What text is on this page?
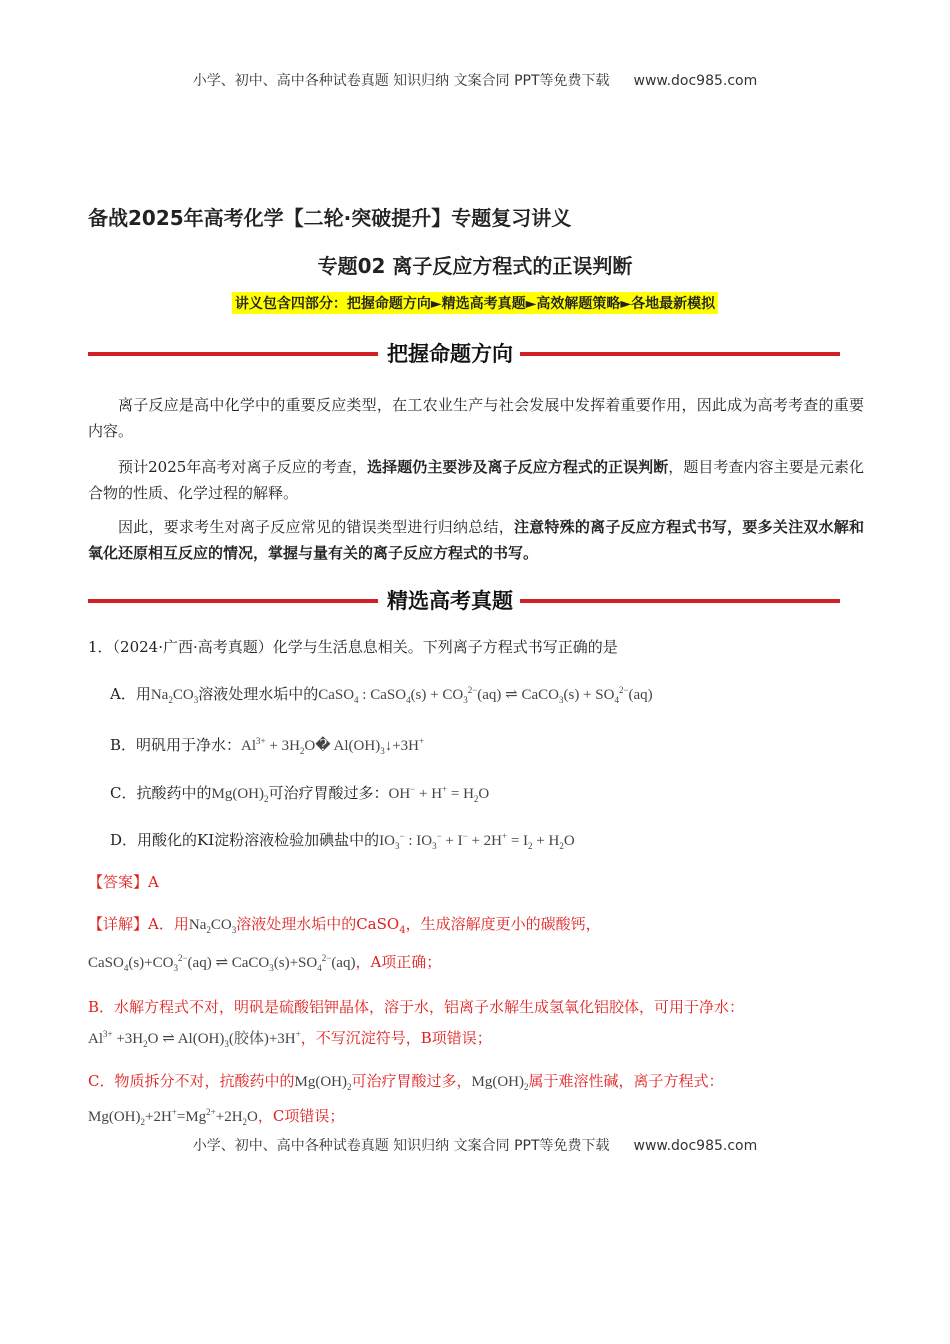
小学、初中、高中各种试卷真题 知识归纳 文案合同 PPT等免费下载 www.doc985.com
备战2025年高考化学【二轮·突破提升】专题复习讲义
专题02 离子反应方程式的正误判断
讲义包含四部分：把握命题方向►精选高考真题►高效解题策略►各地最新模拟
把握命题方向
离子反应是高中化学中的重要反应类型，在工农业生产与社会发展中发挥着重要作用，因此成为高考考查的重要内容。
预计2025年高考对离子反应的考查，选择题仍主要涉及离子反应方程式的正误判断，题目考查内容主要是元素化合物的性质、化学过程的解释。
因此，要求考生对离子反应常见的错误类型进行归纳总结，注意特殊的离子反应方程式书写，要多关注双水解和氧化还原相互反应的情况，掌握与量有关的离子反应方程式的书写。
精选高考真题
1．（2024·广西·高考真题）化学与生活息息相关。下列离子方程式书写正确的是
A．用$Na_2CO_3$溶液处理水垢中的CaSO$_4$ : CaSO$_4$(s) + $CO_3^{2-}(aq)$ ⇌ CaCO$_3$(s) + $SO_4^{2-}(aq)$
B．明矾用于净水：$Al^{3+}$ + $3H_2O�$ $Al(OH)_3↓+3H^+$
C．抗酸药中的$Mg(OH)_2$可治疗胃酸过多：$OH^- + H^+ = H_2O$
D．用酸化的KI淀粉溶液检验加碘盐中的$IO_3^-$ : $IO_3^- + I^- + 2H^+ = I_2 + H_2O$
【答案】A
【详解】A．用$Na_2CO_3$溶液处理水垢中的CaSO$_4$，生成溶解度更小的碳酸钙，
$CaSO_4(s)+CO_3^{2-}(aq)$ ⇌ $CaCO_3(s)+SO_4^{2-}(aq)$，A项正确；
B．水解方程式不对，明矾是硫酸铝钾晶体，溶于水，铝离子水解生成氢氧化铝胶体，可用于净水：
$Al^{3+} +3H_2O$ ⇌ $Al(OH)_3$(胶体)+3H+，不写沉淀符号，B项错误；
C．物质拆分不对，抗酸药中的$Mg(OH)_2$可治疗胃酸过多，$Mg(OH)_2$属于难溶性碱，离子方程式：
$Mg(OH)_2+2H^+=Mg^{2+}+2H_2O$，C项错误；
小学、初中、高中各种试卷真题 知识归纳 文案合同 PPT等免费下载 www.doc985.com
